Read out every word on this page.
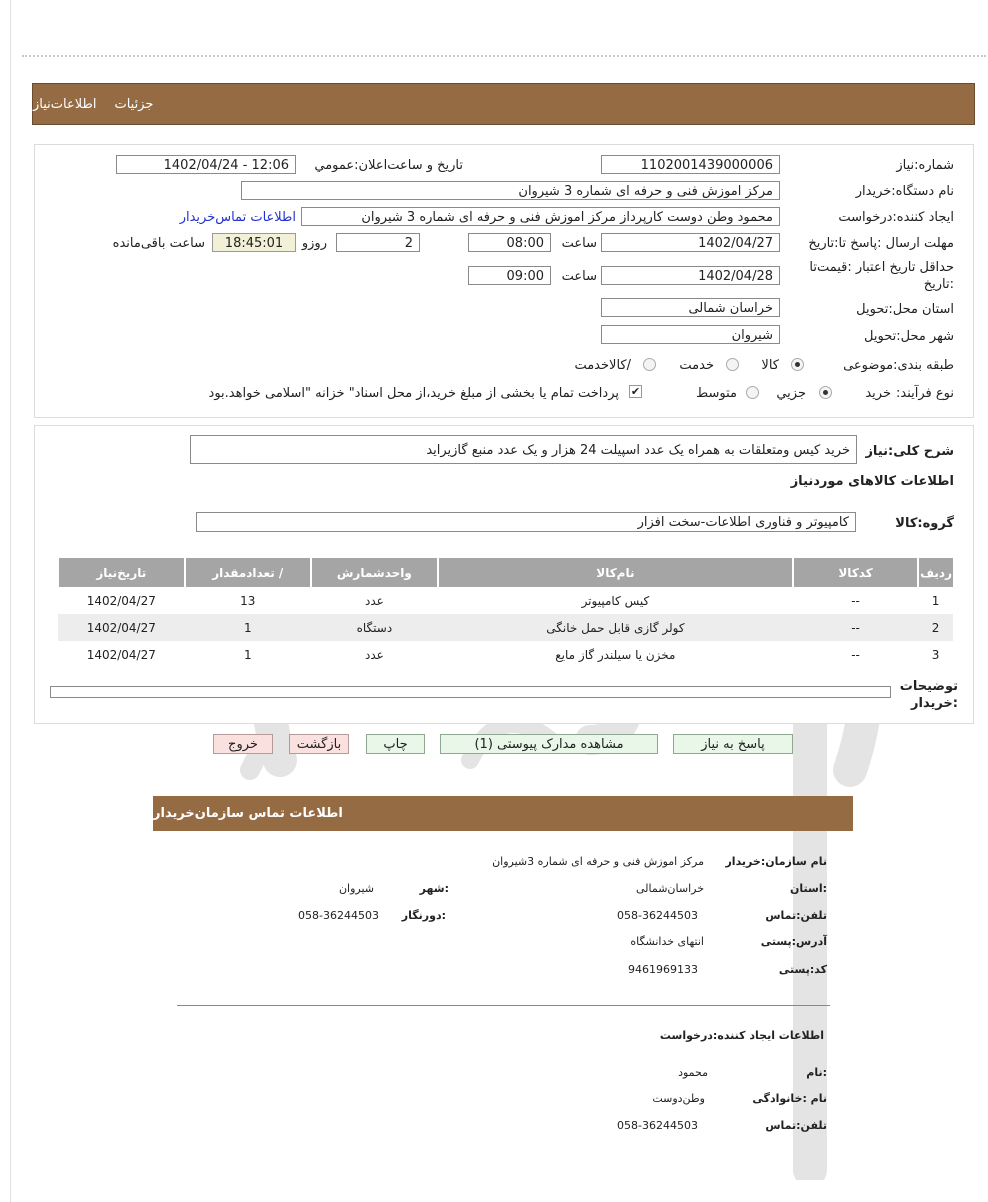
جزئیات
اطلاعات‌نیاز
شماره:نیاز
1102001439000006
تاریخ و ساعت‌اعلان:عمومي
1402/04/24 - 12:06
نام دستگاه:خریدار
مرکز اموزش فنی و حرفه ای شماره 3 شیروان
ایجاد کننده:درخواست
محمود وطن دوست کارپرداز مرکز اموزش فنی و حرفه ای شماره 3 شیروان
اطلاعات تماس‌خریدار
مهلت ارسال :پاسخ تا:تاریخ
1402/04/27
ساعت
08:00
2
روزو
18:45:01
ساعت باقی‌مانده
حداقل تاریخ اعتبار :قیمت‌تا :تاریخ
1402/04/28
ساعت
09:00
استان محل:تحویل
خراسان شمالی
شهر محل:تحویل
شیروان
طبقه بندی:موضوعی
کالا
خدمت
/کالاخدمت
نوع فرآیند:
خرید
جزيي
متوسط
✔
پرداخت تمام یا بخشی از مبلغ خرید،از محل اسناد" خزانه "اسلامی خواهد.بود
شرح کلی:نیاز
خرید کیس ومتعلقات به همراه یک عدد اسپیلت 24 هزار و یک عدد منبع گازیراید
اطلاعات کالاهای موردنیاز
گروه:کالا
کامپیوتر و فناوری اطلاعات-سخت افزار
ردیف	کدکالا	نام‌کالا	واحدشمارش	/ تعدادمقدار	تاریخ‌نیاز
1	--	کیس کامپیوتر	عدد	13	1402/04/27
2	--	کولر گازی قابل حمل خانگی	دستگاه	1	1402/04/27
3	--	مخزن یا سیلندر گاز مایع	عدد	1	1402/04/27
توضیحات :خریدار
پاسخ به نیاز
مشاهده مدارک پیوستی (1)
چاپ
بازگشت
خروج
اطلاعات تماس سازمان‌خریدار
نام سازمان:خریدار
مرکز اموزش فنی و حرفه ای شماره 3شیروان
:استان
خراسان‌شمالی
:شهر
شیروان
تلفن:تماس
058-36244503
:دورنگار
058-36244503
آدرس:پستی
انتهای خدانشگاه
کد:پستی
9461969133
اطلاعات ایجاد کننده:درخواست
:نام
محمود
نام :خانوادگی
وطن‌دوست
تلفن:تماس
058-36244503
